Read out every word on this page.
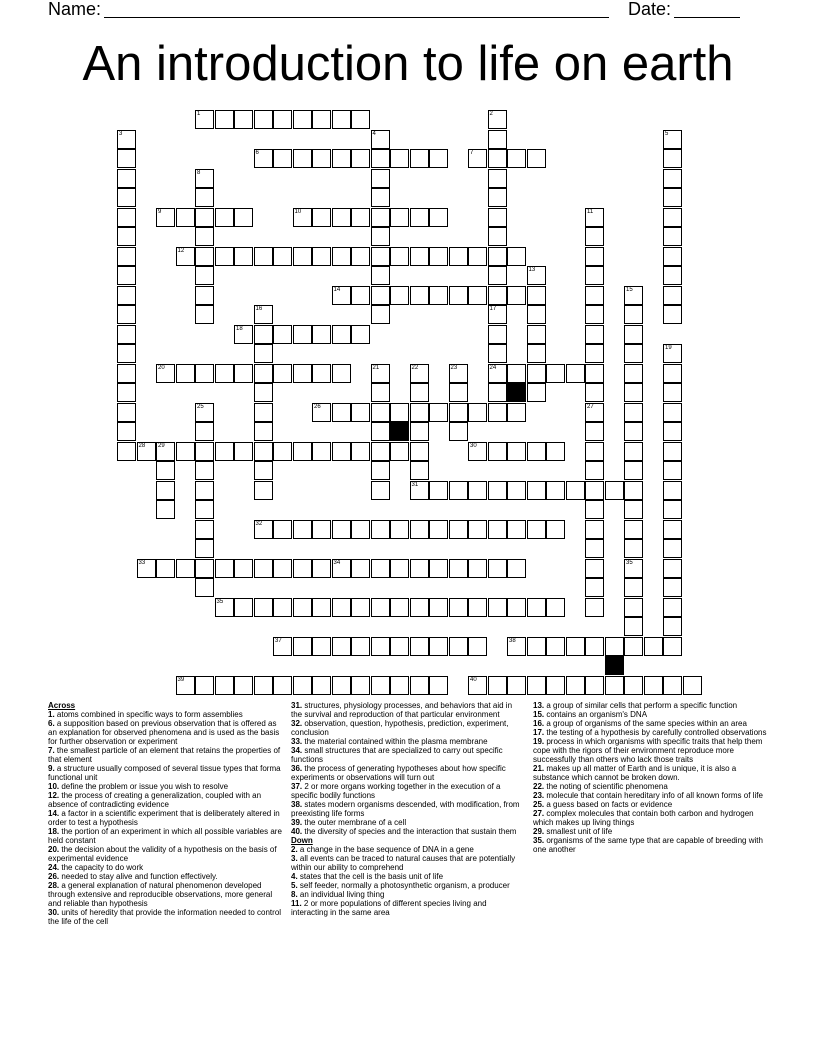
Name:	Date:
An introduction to life on earth
1	2
17
24
3	4	5
6	7
8
9	10	11
27
12
13
14	15
35
16
18
19
20	21	22
31
23
25	26
28 29	30
32
33	34
35
37	38
39	40
Across
1. atoms combined in specific ways to form assemblies
6. a supposition based on previous observation that is offered as an explanation for observed phenomena and is used as the basis for further observation or experiment
7. the smallest particle of an element that retains the properties of that element
9. a structure usually composed of several tissue types that forma functional unit
10. define the problem or issue you wish to resolve
12. the process of creating a generalization, coupled with an absence of contradicting evidence
14. a factor in a scientific experiment that is deliberately altered in order to test a hypothesis
18. the portion of an experiment in which all possible variables are held constant
20. the decision about the validity of a hypothesis on the basis of experimental evidence
24. the capacity to do work
26. needed to stay alive and function effectively.
28. a general explanation of natural phenomenon developed through extensive and reproducible observations, more general and reliable than hypothesis
30. units of heredity that provide the information needed to control the life of the cell
31. structures, physiology processes, and behaviors that aid in the survival and reproduction of that particular environment
32. observation, question, hypothesis, prediction, experiment, conclusion
33. the material contained within the plasma membrane
34. small structures that are specialized to carry out specific functions
36. the process of generating hypotheses about how specific experiments or observations will turn out
37. 2 or more organs working together in the execution of a specific bodily functions
38. states modern organisms descended, with modification, from preexisting life forms
39. the outer membrane of a cell
40. the diversity of species and the interaction that sustain them
Down
2. a change in the base sequence of DNA in a gene
3. all events can be traced to natural causes that are potentially within our ability to comprehend
4. states that the cell is the basis unit of life
5. self feeder, normally a photosynthetic organism, a producer
8. an individual living thing
11. 2 or more populations of different species living and interacting in the same area
13. a group of similar cells that perform a specific function
15. contains an organism's DNA
16. a group of organisms of the same species within an area
17. the testing of a hypothesis by carefully controlled observations
19. process in which organisms with specific traits that help them cope with the rigors of their environment reproduce more successfully than others who lack those traits
21. makes up all matter of Earth and is unique, it is also a substance which cannot be broken down.
22. the noting of scientific phenomena
23. molecule that contain hereditary info of all known forms of life
25. a guess based on facts or evidence
27. complex molecules that contain both carbon and hydrogen which makes up living things
29. smallest unit of life
35. organisms of the same type that are capable of breeding with one another
